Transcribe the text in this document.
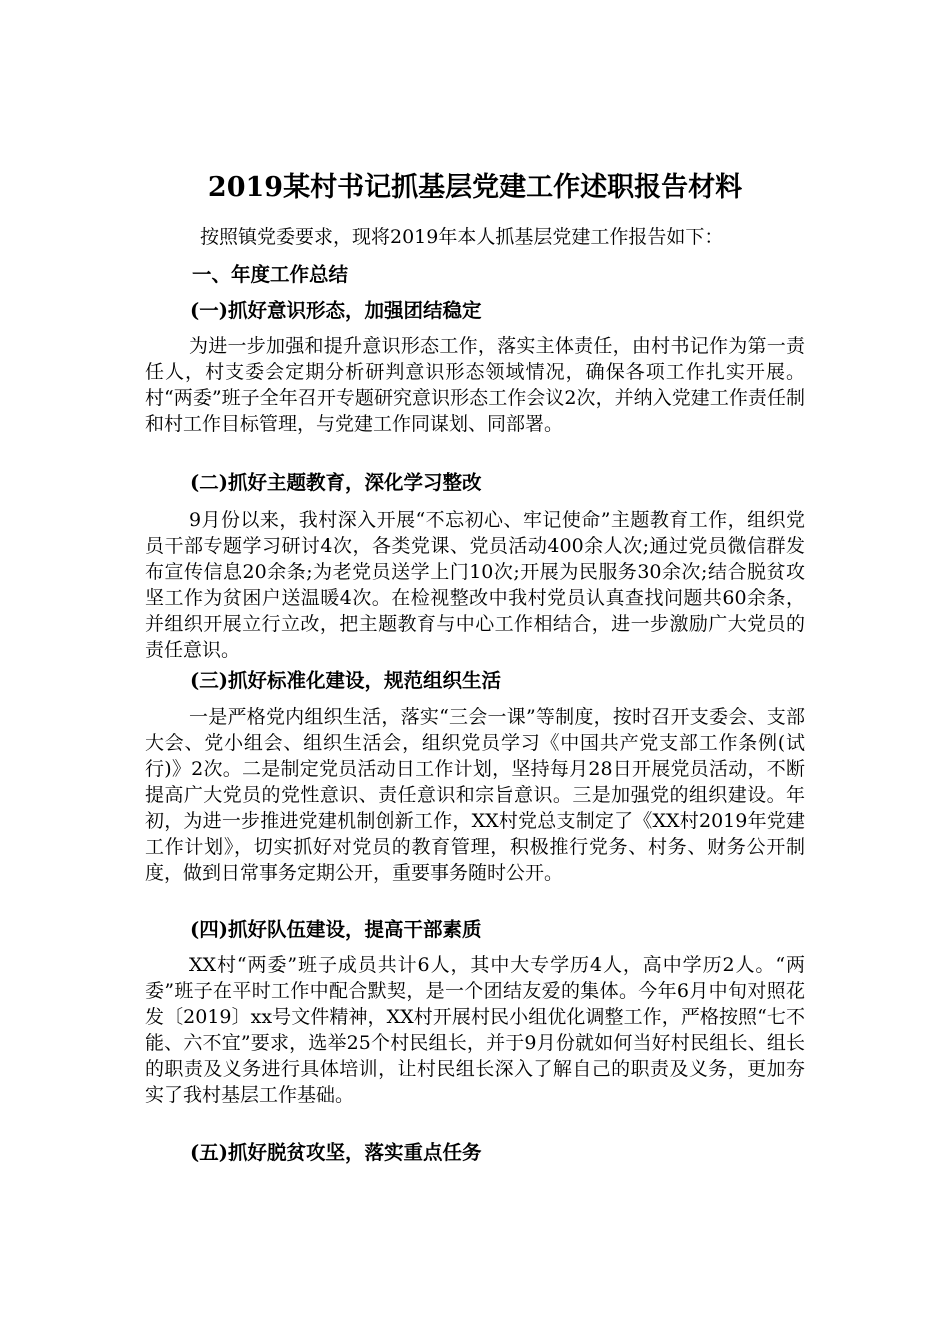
2019某村书记抓基层党建工作述职报告材料
按照镇党委要求，现将2019年本人抓基层党建工作报告如下：
一、年度工作总结
(一)抓好意识形态，加强团结稳定
为进一步加强和提升意识形态工作，落实主体责任，由村书记作为第一责任人，村支委会定期分析研判意识形态领域情况，确保各项工作扎实开展。村“两委”班子全年召开专题研究意识形态工作会议2次，并纳入党建工作责任制和村工作目标管理，与党建工作同谋划、同部署。
(二)抓好主题教育，深化学习整改
9月份以来，我村深入开展“不忘初心、牢记使命”主题教育工作，组织党员干部专题学习研讨4次，各类党课、党员活动400余人次;通过党员微信群发布宣传信息20余条;为老党员送学上门10次;开展为民服务30余次;结合脱贫攻坚工作为贫困户送温暖4次。在检视整改中我村党员认真查找问题共60余条，并组织开展立行立改，把主题教育与中心工作相结合，进一步激励广大党员的责任意识。
(三)抓好标准化建设，规范组织生活
一是严格党内组织生活，落实“三会一课”等制度，按时召开支委会、支部大会、党小组会、组织生活会，组织党员学习《中国共产党支部工作条例(试行)》2次。二是制定党员活动日工作计划，坚持每月28日开展党员活动，不断提高广大党员的党性意识、责任意识和宗旨意识。三是加强党的组织建设。年初，为进一步推进党建机制创新工作，XX村党总支制定了《XX村2019年党建工作计划》，切实抓好对党员的教育管理，积极推行党务、村务、财务公开制度，做到日常事务定期公开，重要事务随时公开。
(四)抓好队伍建设，提高干部素质
XX村“两委”班子成员共计6人，其中大专学历4人，高中学历2人。“两委”班子在平时工作中配合默契，是一个团结友爱的集体。今年6月中旬对照花发〔2019〕xx号文件精神，XX村开展村民小组优化调整工作，严格按照“七不能、六不宜”要求，选举25个村民组长，并于9月份就如何当好村民组长、组长的职责及义务进行具体培训，让村民组长深入了解自己的职责及义务，更加夯实了我村基层工作基础。
(五)抓好脱贫攻坚，落实重点任务
